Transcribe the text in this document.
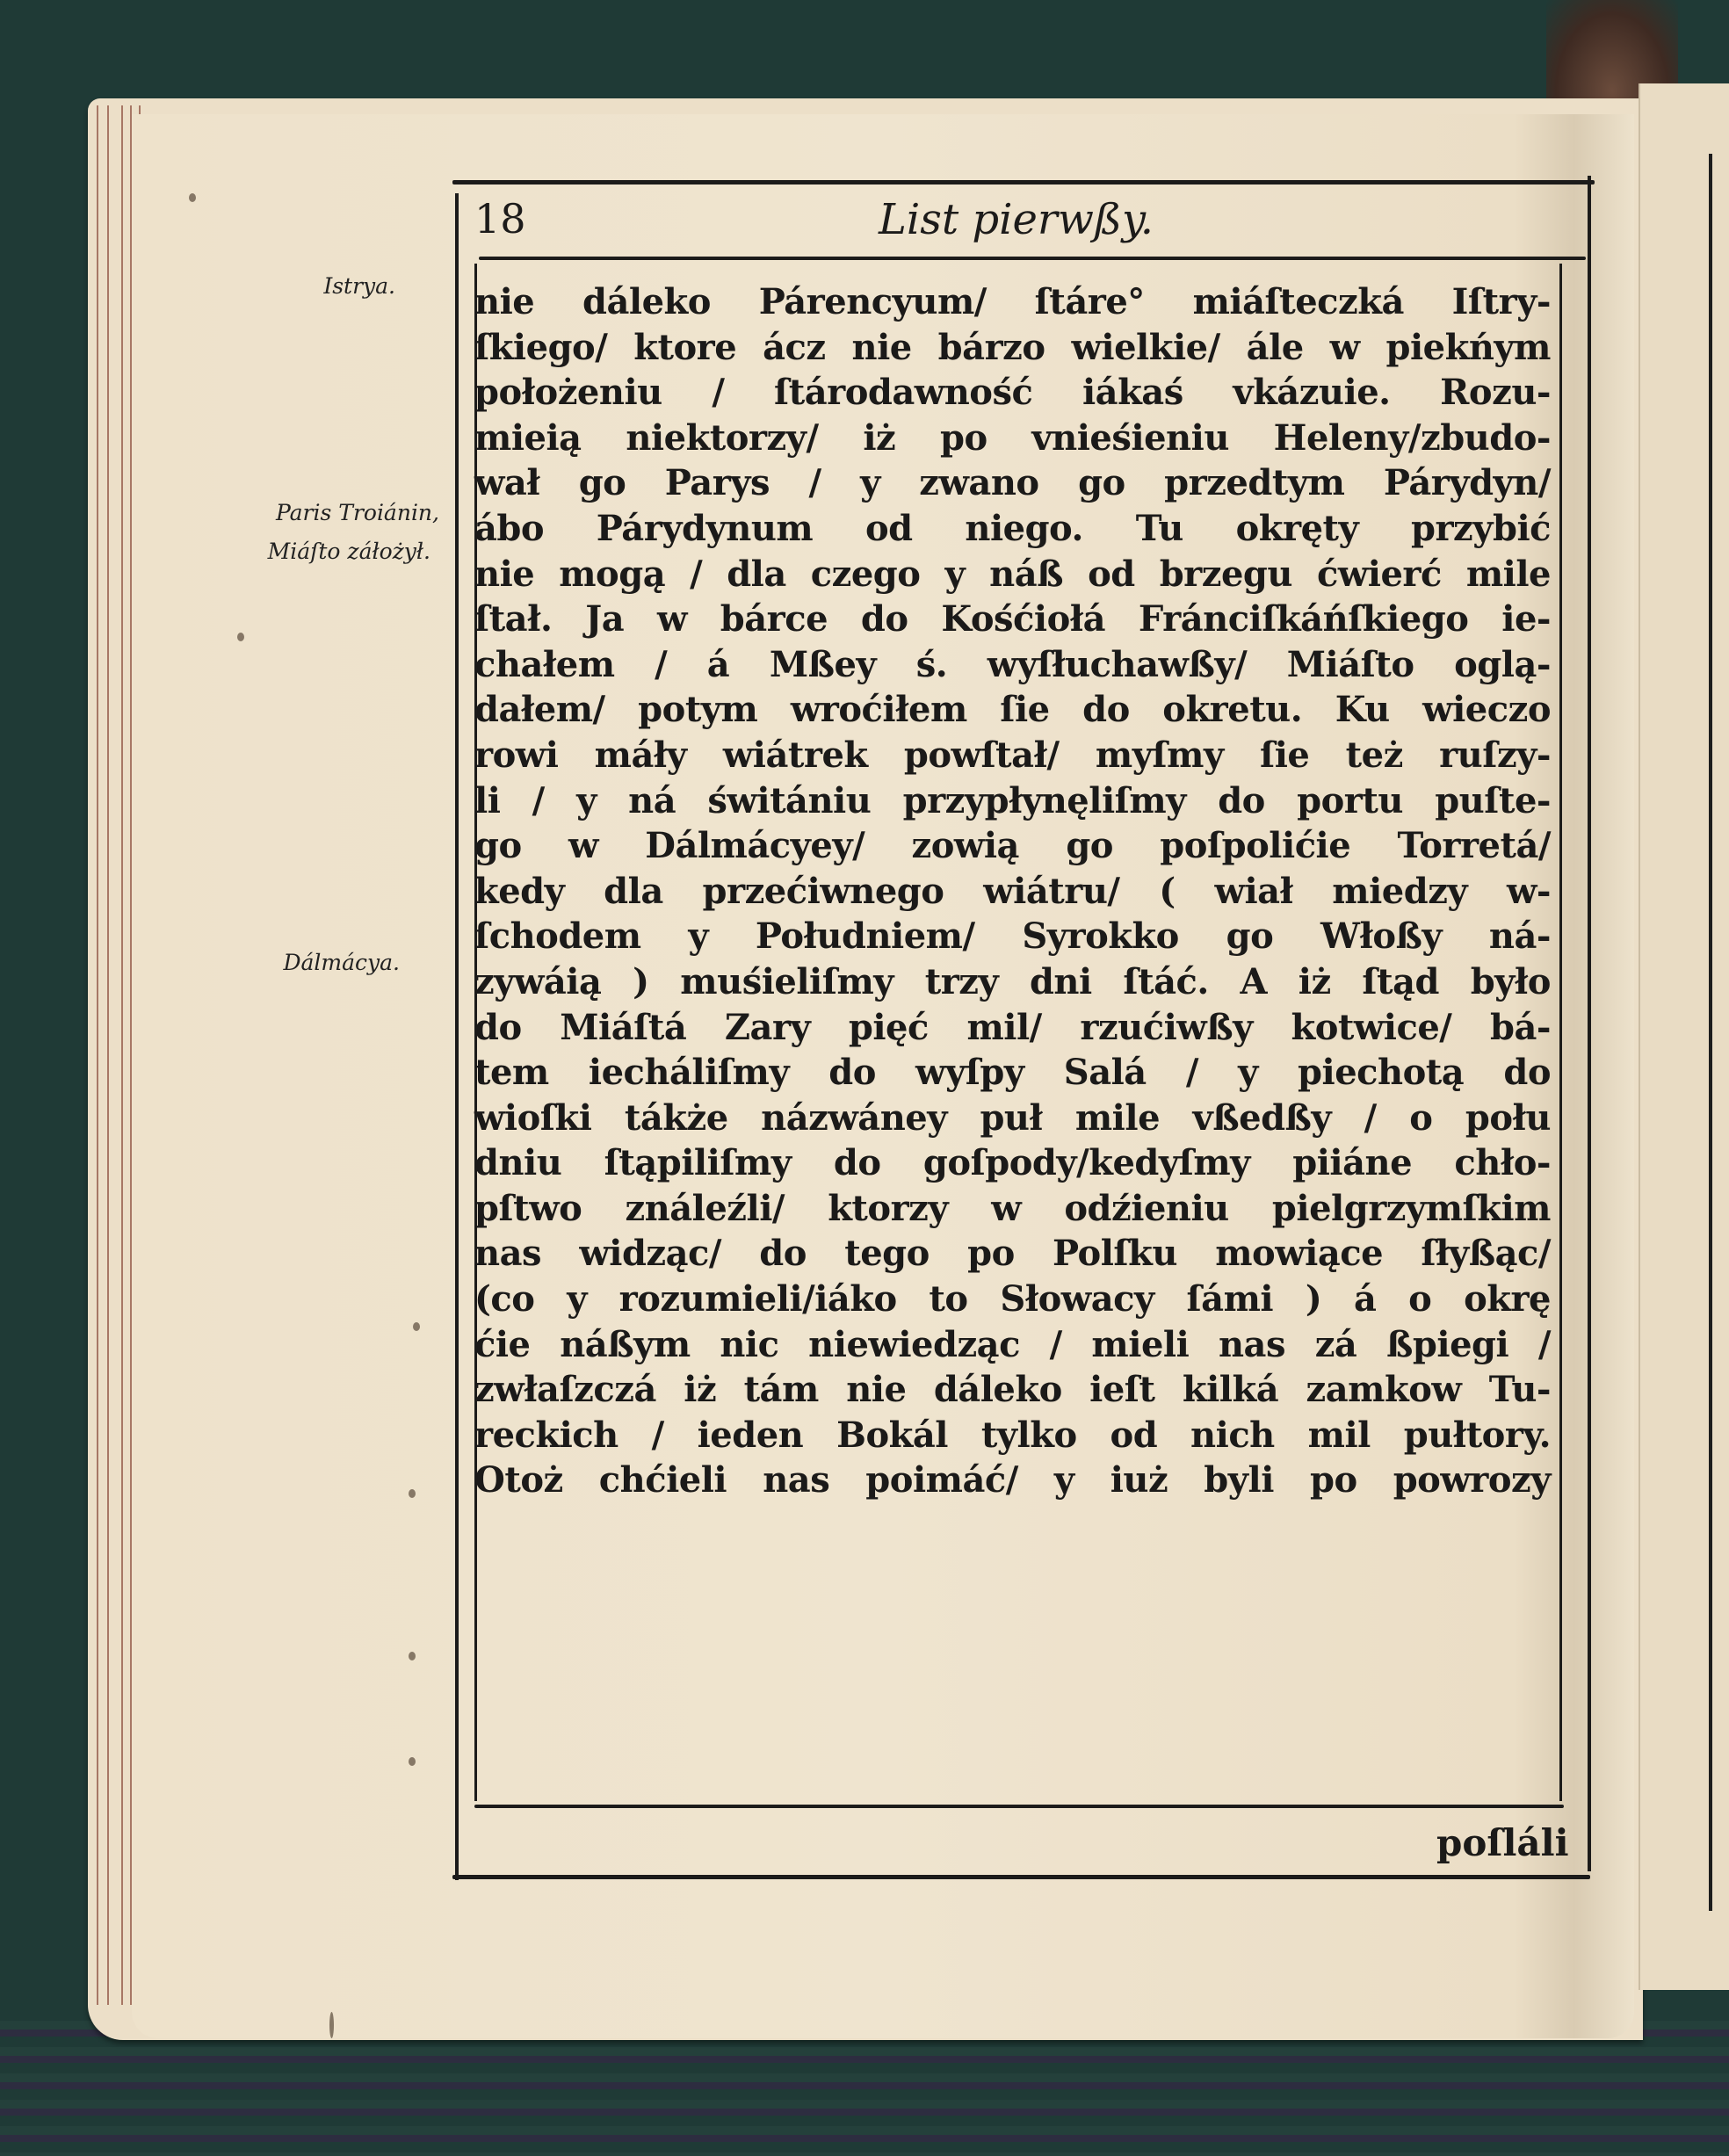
18	List pierwßy.
Istrya.
Paris Troiánin,
Miáſto záłożył.
Dálmácya.
nie dáleko Párencyum/ ſtáre° miáſteczká Iſtry-
ſkiego/ ktore ácz nie bárzo wielkie/ ále w piekńym
położeniu / ſtárodawność iákaś vkázuie. Rozu-
mieią niektorzy/ iż po vnieśieniu Heleny/zbudo-
wał go Parys / y zwano go przedtym Párydyn/
ábo Párydynum od niego. Tu okręty przybić
nie mogą / dla czego y náß od brzegu ćwierć mile
ſtał. Ja w bárce do Kośćiołá Fránciſkáńſkiego ie-
chałem / á Mßey ś. wyſłuchawßy/ Miáſto oglą-
dałem/ potym wroćiłem ſie do okretu. Ku wieczo
rowi máły wiátrek powſtał/ myſmy ſie też ruſzy-
li / y ná świtániu przypłynęliſmy do portu puſte-
go w Dálmácyey/ zowią go poſpolićie Torretá/
kedy dla przećiwnego wiátru/ ( wiał miedzy w-
ſchodem y Południem/ Syrokko go Włoßy ná-
zywáią ) muśieliſmy trzy dni ſtáć. A iż ſtąd było
do Miáſtá Zary pięć mil/ rzućiwßy kotwice/ bá-
tem iecháliſmy do wyſpy Salá / y piechotą do
wioſki tákże názwáney puł mile vßedßy / o połu
dniu ſtąpiliſmy do goſpody/kedyſmy piiáne chło-
pſtwo ználeźli/ ktorzy w odźieniu pielgrzymſkim
nas widząc/ do tego po Polſku mowiące ſłyßąc/
(co y rozumieli/iáko to Słowacy ſámi ) á o okrę
ćie náßym nic niewiedząc / mieli nas zá ßpiegi /
zwłaſzczá iż tám nie dáleko ieſt kilká zamkow Tu-
reckich / ieden Bokál tylko od nich mil pułtory.
Otoż chćieli nas poimáć/ y iuż byli po powrozy
poſláli
